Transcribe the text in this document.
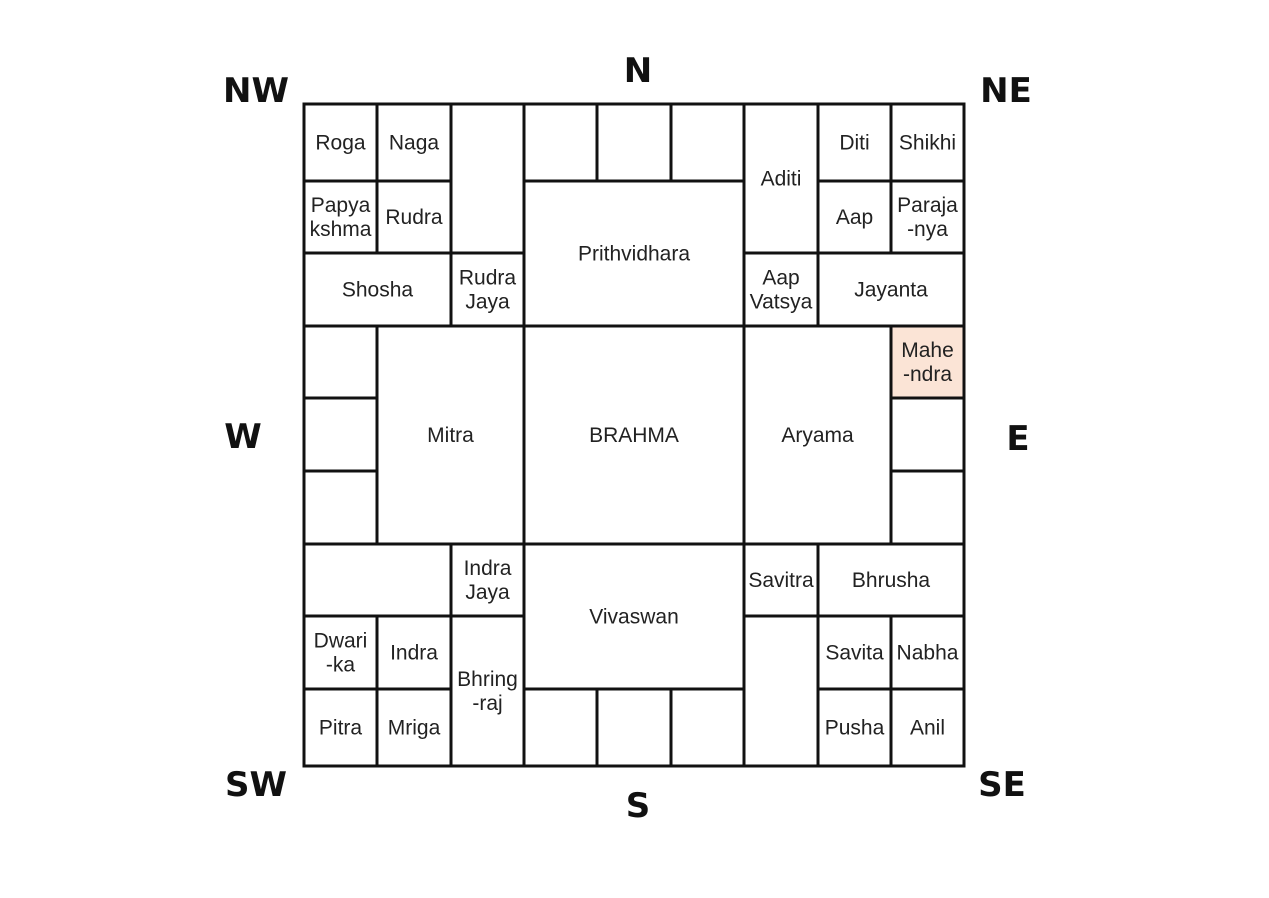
NW	N	NE
W	E
SW
S
SE
Roga Naga
Aditi
Diti Shikhi
Papya kshma
Rudra
Prithvidhara
Aap
Paraja -nya
Shosha
Rudra Jaya
Aap Vatsya
Jayanta
Mitra	BRAHMA	Aryama
Mahe -ndra
Indra Jaya
Vivaswan
Savitra Bhrusha
Dwari -ka
Indra
Bhring -raj
Savita Nabha
Pitra Mriga	Pusha Anil
